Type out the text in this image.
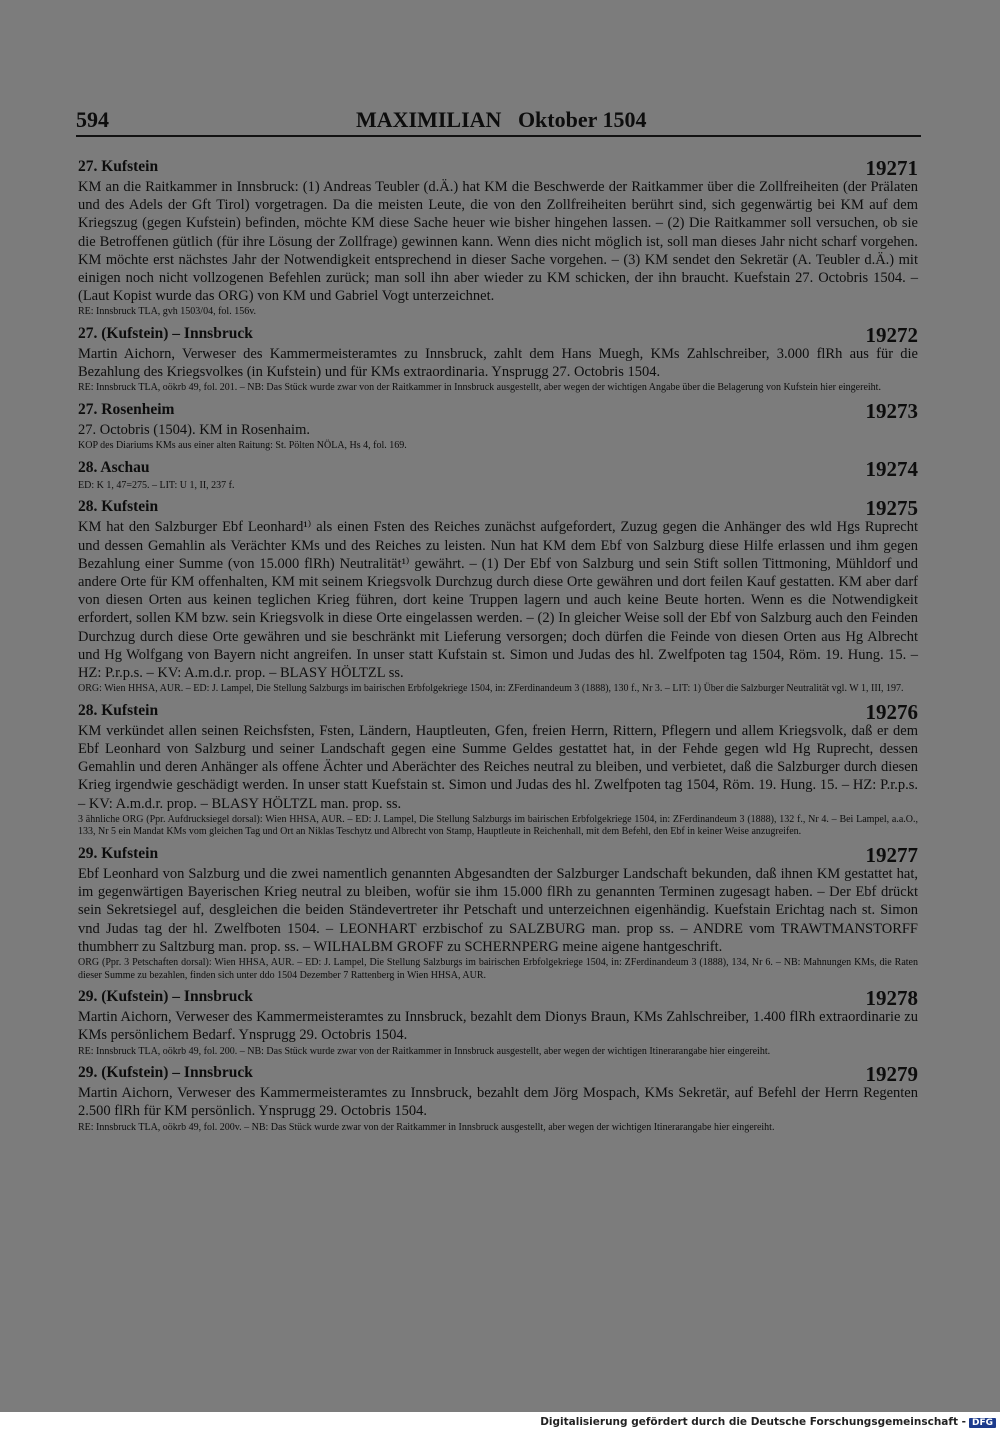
594	MAXIMILIAN   Oktober 1504
27. Kufstein	19271

KM an die Raitkammer in Innsbruck: (1) Andreas Teubler (d.Ä.) hat KM die Beschwerde der Raitkammer über die Zollfreiheiten (der Prälaten und des Adels der Gft Tirol) vorgetragen. Da die meisten Leute, die von den Zollfreiheiten berührt sind, sich gegenwärtig bei KM auf dem Kriegszug (gegen Kufstein) befinden, möchte KM diese Sache heuer wie bisher hingehen lassen. – (2) Die Raitkammer soll versuchen, ob sie die Betroffenen gütlich (für ihre Lösung der Zollfrage) gewinnen kann. Wenn dies nicht möglich ist, soll man dieses Jahr nicht scharf vorgehen. KM möchte erst nächstes Jahr der Notwendigkeit entsprechend in dieser Sache vorgehen. – (3) KM sendet den Sekretär (A. Teubler d.Ä.) mit einigen noch nicht vollzogenen Befehlen zurück; man soll ihn aber wieder zu KM schicken, der ihn braucht. Kuefstain 27. Octobris 1504. – (Laut Kopist wurde das ORG) von KM und Gabriel Vogt unterzeichnet.

RE: Innsbruck TLA, gvh 1503/04, fol. 156v.

27. (Kufstein) – Innsbruck	19272

Martin Aichorn, Verweser des Kammermeisteramtes zu Innsbruck, zahlt dem Hans Muegh, KMs Zahlschreiber, 3.000 flRh aus für die Bezahlung des Kriegsvolkes (in Kufstein) und für KMs extraordinaria. Ynsprugg 27. Octobris 1504.

RE: Innsbruck TLA, oökrb 49, fol. 201. – NB: Das Stück wurde zwar von der Raitkammer in Innsbruck ausgestellt, aber wegen der wichtigen Angabe über die Belagerung von Kufstein hier eingereiht.

27. Rosenheim	19273

27. Octobris (1504). KM in Rosenhaim.

KOP des Diariums KMs aus einer alten Raitung: St. Pölten NÖLA, Hs 4, fol. 169.

28. Aschau	19274

ED: K 1, 47=275. – LIT: U 1, II, 237 f.

28. Kufstein	19275

KM hat den Salzburger Ebf Leonhard¹⁾ als einen Fsten des Reiches zunächst aufgefordert, Zuzug gegen die Anhänger des wld Hgs Ruprecht und dessen Gemahlin als Verächter KMs und des Reiches zu leisten. Nun hat KM dem Ebf von Salzburg diese Hilfe erlassen und ihm gegen Bezahlung einer Summe (von 15.000 flRh) Neutralität¹⁾ gewährt. – (1) Der Ebf von Salzburg und sein Stift sollen Tittmoning, Mühldorf und andere Orte für KM offenhalten, KM mit seinem Kriegsvolk Durchzug durch diese Orte gewähren und dort feilen Kauf gestatten. KM aber darf von diesen Orten aus keinen teglichen Krieg führen, dort keine Truppen lagern und auch keine Beute horten. Wenn es die Notwendigkeit erfordert, sollen KM bzw. sein Kriegsvolk in diese Orte eingelassen werden. – (2) In gleicher Weise soll der Ebf von Salzburg auch den Feinden Durchzug durch diese Orte gewähren und sie beschränkt mit Lieferung versorgen; doch dürfen die Feinde von diesen Orten aus Hg Albrecht und Hg Wolfgang von Bayern nicht angreifen. In unser statt Kufstain st. Simon und Judas des hl. Zwelfpoten tag 1504, Röm. 19. Hung. 15. – HZ: P.r.p.s. – KV: A.m.d.r. prop. – BLASY HÖLTZL ss.

ORG: Wien HHSA, AUR. – ED: J. Lampel, Die Stellung Salzburgs im bairischen Erbfolgekriege 1504, in: ZFerdinandeum 3 (1888), 130 f., Nr 3. – LIT: 1) Über die Salzburger Neutralität vgl. W 1, III, 197.

28. Kufstein	19276

KM verkündet allen seinen Reichsfsten, Fsten, Ländern, Hauptleuten, Gfen, freien Herrn, Rittern, Pflegern und allem Kriegsvolk, daß er dem Ebf Leonhard von Salzburg und seiner Landschaft gegen eine Summe Geldes gestattet hat, in der Fehde gegen wld Hg Ruprecht, dessen Gemahlin und deren Anhänger als offene Ächter und Aberächter des Reiches neutral zu bleiben, und verbietet, daß die Salzburger durch diesen Krieg irgendwie geschädigt werden. In unser statt Kuefstain st. Simon und Judas des hl. Zwelfpoten tag 1504, Röm. 19. Hung. 15. – HZ: P.r.p.s. – KV: A.m.d.r. prop. – BLASY HÖLTZL man. prop. ss.

3 ähnliche ORG (Ppr. Aufdrucksiegel dorsal): Wien HHSA, AUR. – ED: J. Lampel, Die Stellung Salzburgs im bairischen Erbfolgekriege 1504, in: ZFerdinandeum 3 (1888), 132 f., Nr 4. – Bei Lampel, a.a.O., 133, Nr 5 ein Mandat KMs vom gleichen Tag und Ort an Niklas Teschytz und Albrecht von Stamp, Hauptleute in Reichenhall, mit dem Befehl, den Ebf in keiner Weise anzugreifen.

29. Kufstein	19277

Ebf Leonhard von Salzburg und die zwei namentlich genannten Abgesandten der Salzburger Landschaft bekunden, daß ihnen KM gestattet hat, im gegenwärtigen Bayerischen Krieg neutral zu bleiben, wofür sie ihm 15.000 flRh zu genannten Terminen zugesagt haben. – Der Ebf drückt sein Sekretsiegel auf, desgleichen die beiden Ständevertreter ihr Petschaft und unterzeichnen eigenhändig. Kuefstain Erichtag nach st. Simon vnd Judas tag der hl. Zwelfboten 1504. – LEONHART erzbischof zu SALZBURG man. prop ss. – ANDRE vom TRAWTMANSTORFF thumbherr zu Saltzburg man. prop. ss. – WILHALBM GROFF zu SCHERNPERG meine aigene hantgeschrift.

ORG (Ppr. 3 Petschaften dorsal): Wien HHSA, AUR. – ED: J. Lampel, Die Stellung Salzburgs im bairischen Erbfolgekriege 1504, in: ZFerdinandeum 3 (1888), 134, Nr 6. – NB: Mahnungen KMs, die Raten dieser Summe zu bezahlen, finden sich unter ddo 1504 Dezember 7 Rattenberg in Wien HHSA, AUR.

29. (Kufstein) – Innsbruck	19278

Martin Aichorn, Verweser des Kammermeisteramtes zu Innsbruck, bezahlt dem Dionys Braun, KMs Zahlschreiber, 1.400 flRh extraordinarie zu KMs persönlichem Bedarf. Ynsprugg 29. Octobris 1504.

RE: Innsbruck TLA, oökrb 49, fol. 200. – NB: Das Stück wurde zwar von der Raitkammer in Innsbruck ausgestellt, aber wegen der wichtigen Itinerarangabe hier eingereiht.

29. (Kufstein) – Innsbruck	19279

Martin Aichorn, Verweser des Kammermeisteramtes zu Innsbruck, bezahlt dem Jörg Mospach, KMs Sekretär, auf Befehl der Herrn Regenten 2.500 flRh für KM persönlich. Ynsprugg 29. Octobris 1504.

RE: Innsbruck TLA, oökrb 49, fol. 200v. – NB: Das Stück wurde zwar von der Raitkammer in Innsbruck ausgestellt, aber wegen der wichtigen Itinerarangabe hier eingereiht.

Digitalisierung gefördert durch die Deutsche Forschungsgemeinschaft - DFG
